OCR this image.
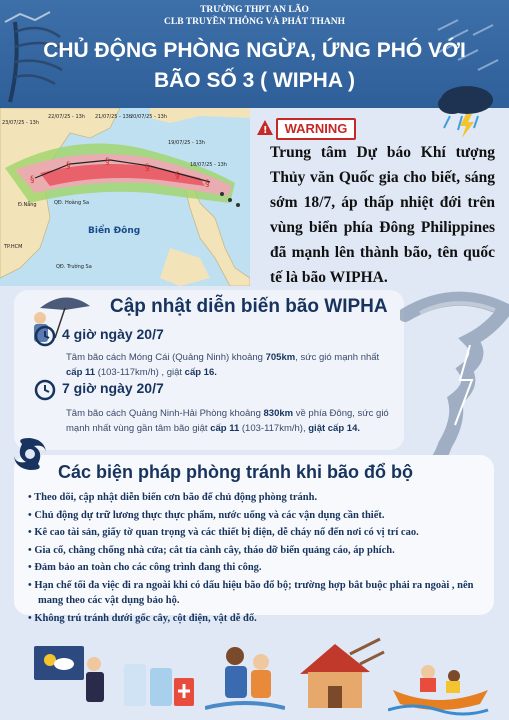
TRƯỜNG THPT AN LÃO
CLB TRUYỀN THÔNG VÀ PHÁT THANH
CHỦ ĐỘNG PHÒNG NGỪA, ỨNG PHÓ VỚI
BÃO SỐ 3 ( WIPHA )
§
§
§
§
§
§
23/07/25 - 13h
22/07/25 - 13h 21/07/25 - 13h
20/07/25 - 13h
19/07/25 - 13h
18/07/25 - 13h
QĐ. Hoàng Sa
QĐ. Trường Sa
Đ.Nẵng
TP.HCM
Biển Đông
!	WARNING
Trung tâm Dự báo Khí tượng Thủy văn Quốc gia cho biết, sáng sớm 18/7, áp thấp nhiệt đới trên vùng biển phía Đông Philippines đã mạnh lên thành bão, tên quốc tế là bão WIPHA.
Cập nhật diễn biến bão WIPHA
4 giờ ngày 20/7
Tâm bão cách Móng Cái (Quảng Ninh) khoảng 705km, sức gió mạnh nhất cấp 11 (103-117km/h) , giật cấp 16.
7 giờ ngày 20/7
Tâm bão cách Quảng Ninh-Hải Phòng khoảng 830km về phía Đông, sức gió mạnh nhất vùng gần tâm bão giật cấp 11 (103-117km/h), giật cấp 14.
Các biện pháp phòng tránh khi bão đổ bộ
• Theo dõi, cập nhật diễn biến cơn bão để chủ động phòng tránh.
• Chủ động dự trữ lương thực thực phẩm, nước uống và các vận dụng cần thiết.
• Kê cao tài sản, giấy tờ quan trọng và các thiết bị điện, dễ cháy nổ đến nơi có vị trí cao.
• Gia cố, chằng chống nhà cửa; cắt tỉa cành cây, tháo dỡ biển quảng cáo, áp phích.
• Đảm bảo an toàn cho các công trình đang thi công.
• Hạn chế tối đa việc đi ra ngoài khi có dấu hiệu bão đổ bộ; trường hợp bắt buộc phải ra ngoài , nên mang theo các vật dụng bảo hộ.
• Không trú tránh dưới gốc cây, cột điện, vật dễ đổ.
